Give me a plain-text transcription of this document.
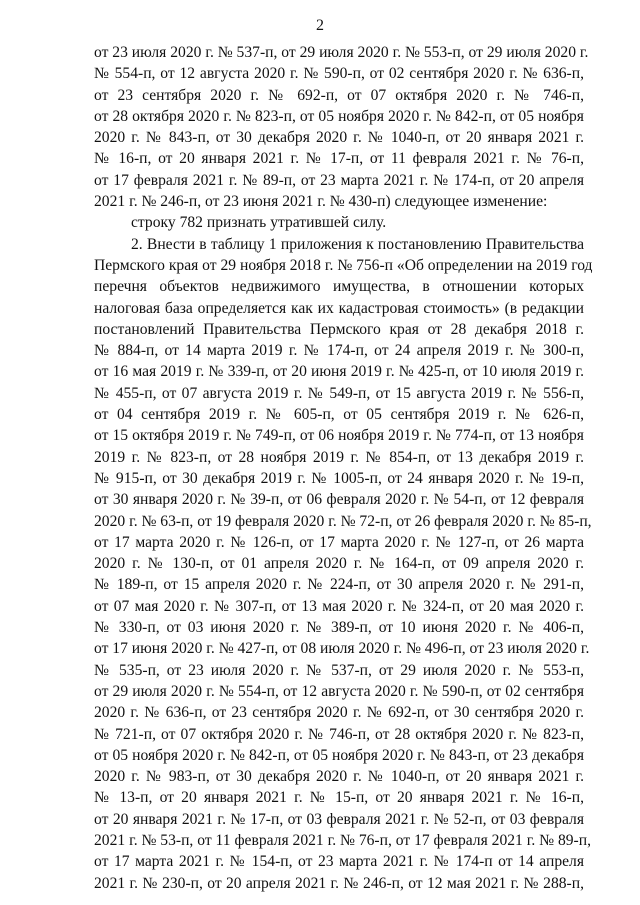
2
от 23 июля 2020 г. № 537-п, от 29 июля 2020 г. № 553-п, от 29 июля 2020 г.
№ 554-п, от 12 августа 2020 г. № 590-п, от 02 сентября 2020 г. № 636-п,
от 23 сентября 2020 г. № 692-п, от 07 октября 2020 г. № 746-п,
от 28 октября 2020 г. № 823-п, от 05 ноября 2020 г. № 842-п, от 05 ноября
2020 г. № 843-п, от 30 декабря 2020 г. № 1040-п, от 20 января 2021 г.
№ 16-п, от 20 января 2021 г. № 17-п, от 11 февраля 2021 г. № 76-п,
от 17 февраля 2021 г. № 89-п, от 23 марта 2021 г. № 174-п, от 20 апреля
2021 г. № 246-п, от 23 июня 2021 г. № 430-п) следующее изменение:
строку 782 признать утратившей силу.
2. Внести в таблицу 1 приложения к постановлению Правительства
Пермского края от 29 ноября 2018 г. № 756-п «Об определении на 2019 год
перечня объектов недвижимого имущества, в отношении которых
налоговая база определяется как их кадастровая стоимость» (в редакции
постановлений Правительства Пермского края от 28 декабря 2018 г.
№ 884-п, от 14 марта 2019 г. № 174-п, от 24 апреля 2019 г. № 300-п,
от 16 мая 2019 г. № 339-п, от 20 июня 2019 г. № 425-п, от 10 июля 2019 г.
№ 455-п, от 07 августа 2019 г. № 549-п, от 15 августа 2019 г. № 556-п,
от 04 сентября 2019 г. № 605-п, от 05 сентября 2019 г. № 626-п,
от 15 октября 2019 г. № 749-п, от 06 ноября 2019 г. № 774-п, от 13 ноября
2019 г. № 823-п, от 28 ноября 2019 г. № 854-п, от 13 декабря 2019 г.
№ 915-п, от 30 декабря 2019 г. № 1005-п, от 24 января 2020 г. № 19-п,
от 30 января 2020 г. № 39-п, от 06 февраля 2020 г. № 54-п, от 12 февраля
2020 г. № 63-п, от 19 февраля 2020 г. № 72-п, от 26 февраля 2020 г. № 85-п,
от 17 марта 2020 г. № 126-п, от 17 марта 2020 г. № 127-п, от 26 марта
2020 г. № 130-п, от 01 апреля 2020 г. № 164-п, от 09 апреля 2020 г.
№ 189-п, от 15 апреля 2020 г. № 224-п, от 30 апреля 2020 г. № 291-п,
от 07 мая 2020 г. № 307-п, от 13 мая 2020 г. № 324-п, от 20 мая 2020 г.
№ 330-п, от 03 июня 2020 г. № 389-п, от 10 июня 2020 г. № 406-п,
от 17 июня 2020 г. № 427-п, от 08 июля 2020 г. № 496-п, от 23 июля 2020 г.
№ 535-п, от 23 июля 2020 г. № 537-п, от 29 июля 2020 г. № 553-п,
от 29 июля 2020 г. № 554-п, от 12 августа 2020 г. № 590-п, от 02 сентября
2020 г. № 636-п, от 23 сентября 2020 г. № 692-п, от 30 сентября 2020 г.
№ 721-п, от 07 октября 2020 г. № 746-п, от 28 октября 2020 г. № 823-п,
от 05 ноября 2020 г. № 842-п, от 05 ноября 2020 г. № 843-п, от 23 декабря
2020 г. № 983-п, от 30 декабря 2020 г. № 1040-п, от 20 января 2021 г.
№ 13-п, от 20 января 2021 г. № 15-п, от 20 января 2021 г. № 16-п,
от 20 января 2021 г. № 17-п, от 03 февраля 2021 г. № 52-п, от 03 февраля
2021 г. № 53-п, от 11 февраля 2021 г. № 76-п, от 17 февраля 2021 г. № 89-п,
от 17 марта 2021 г. № 154-п, от 23 марта 2021 г. № 174-п от 14 апреля
2021 г. № 230-п, от 20 апреля 2021 г. № 246-п, от 12 мая 2021 г. № 288-п,
